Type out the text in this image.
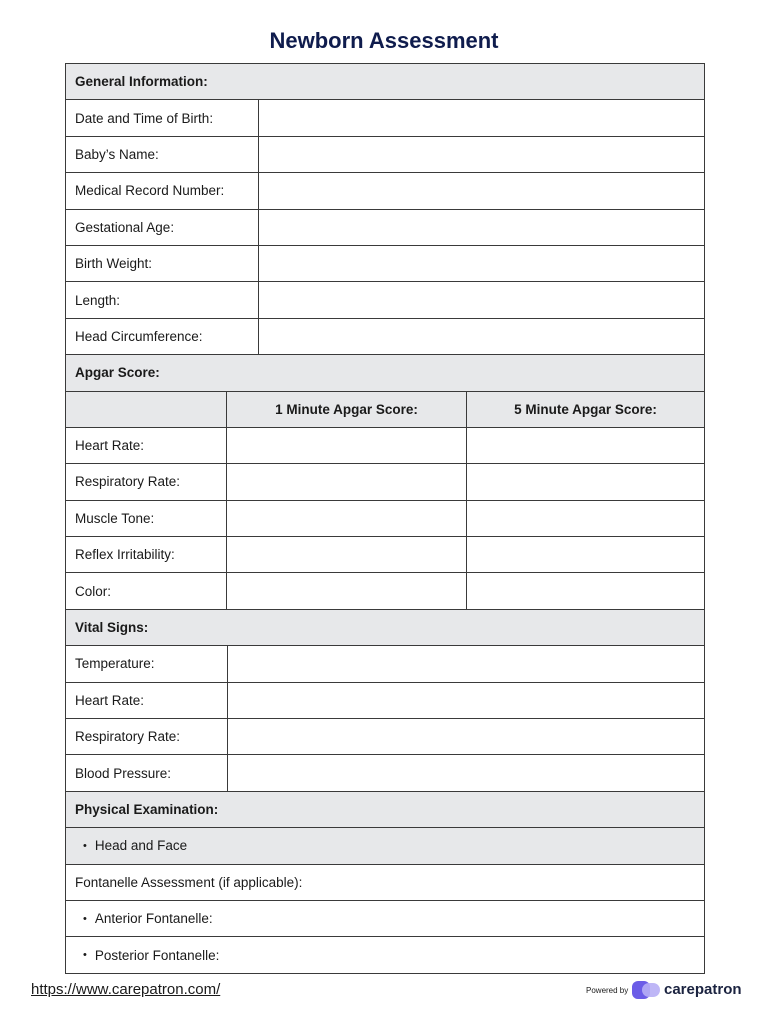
Newborn Assessment
General Information:
Date and Time of Birth:
Baby’s Name:
Medical Record Number:
Gestational Age:
Birth Weight:
Length:
Head Circumference:
Apgar Score:
1 Minute Apgar Score:	5 Minute Apgar Score:
Heart Rate:
Respiratory Rate:
Muscle Tone:
Reflex Irritability:
Color:
Vital Signs:
Temperature:
Heart Rate:
Respiratory Rate:
Blood Pressure:
Physical Examination:
• Head and Face
Fontanelle Assessment (if applicable):
• Anterior Fontanelle:
• Posterior Fontanelle:
https://www.carepatron.com/	Powered by carepatron
